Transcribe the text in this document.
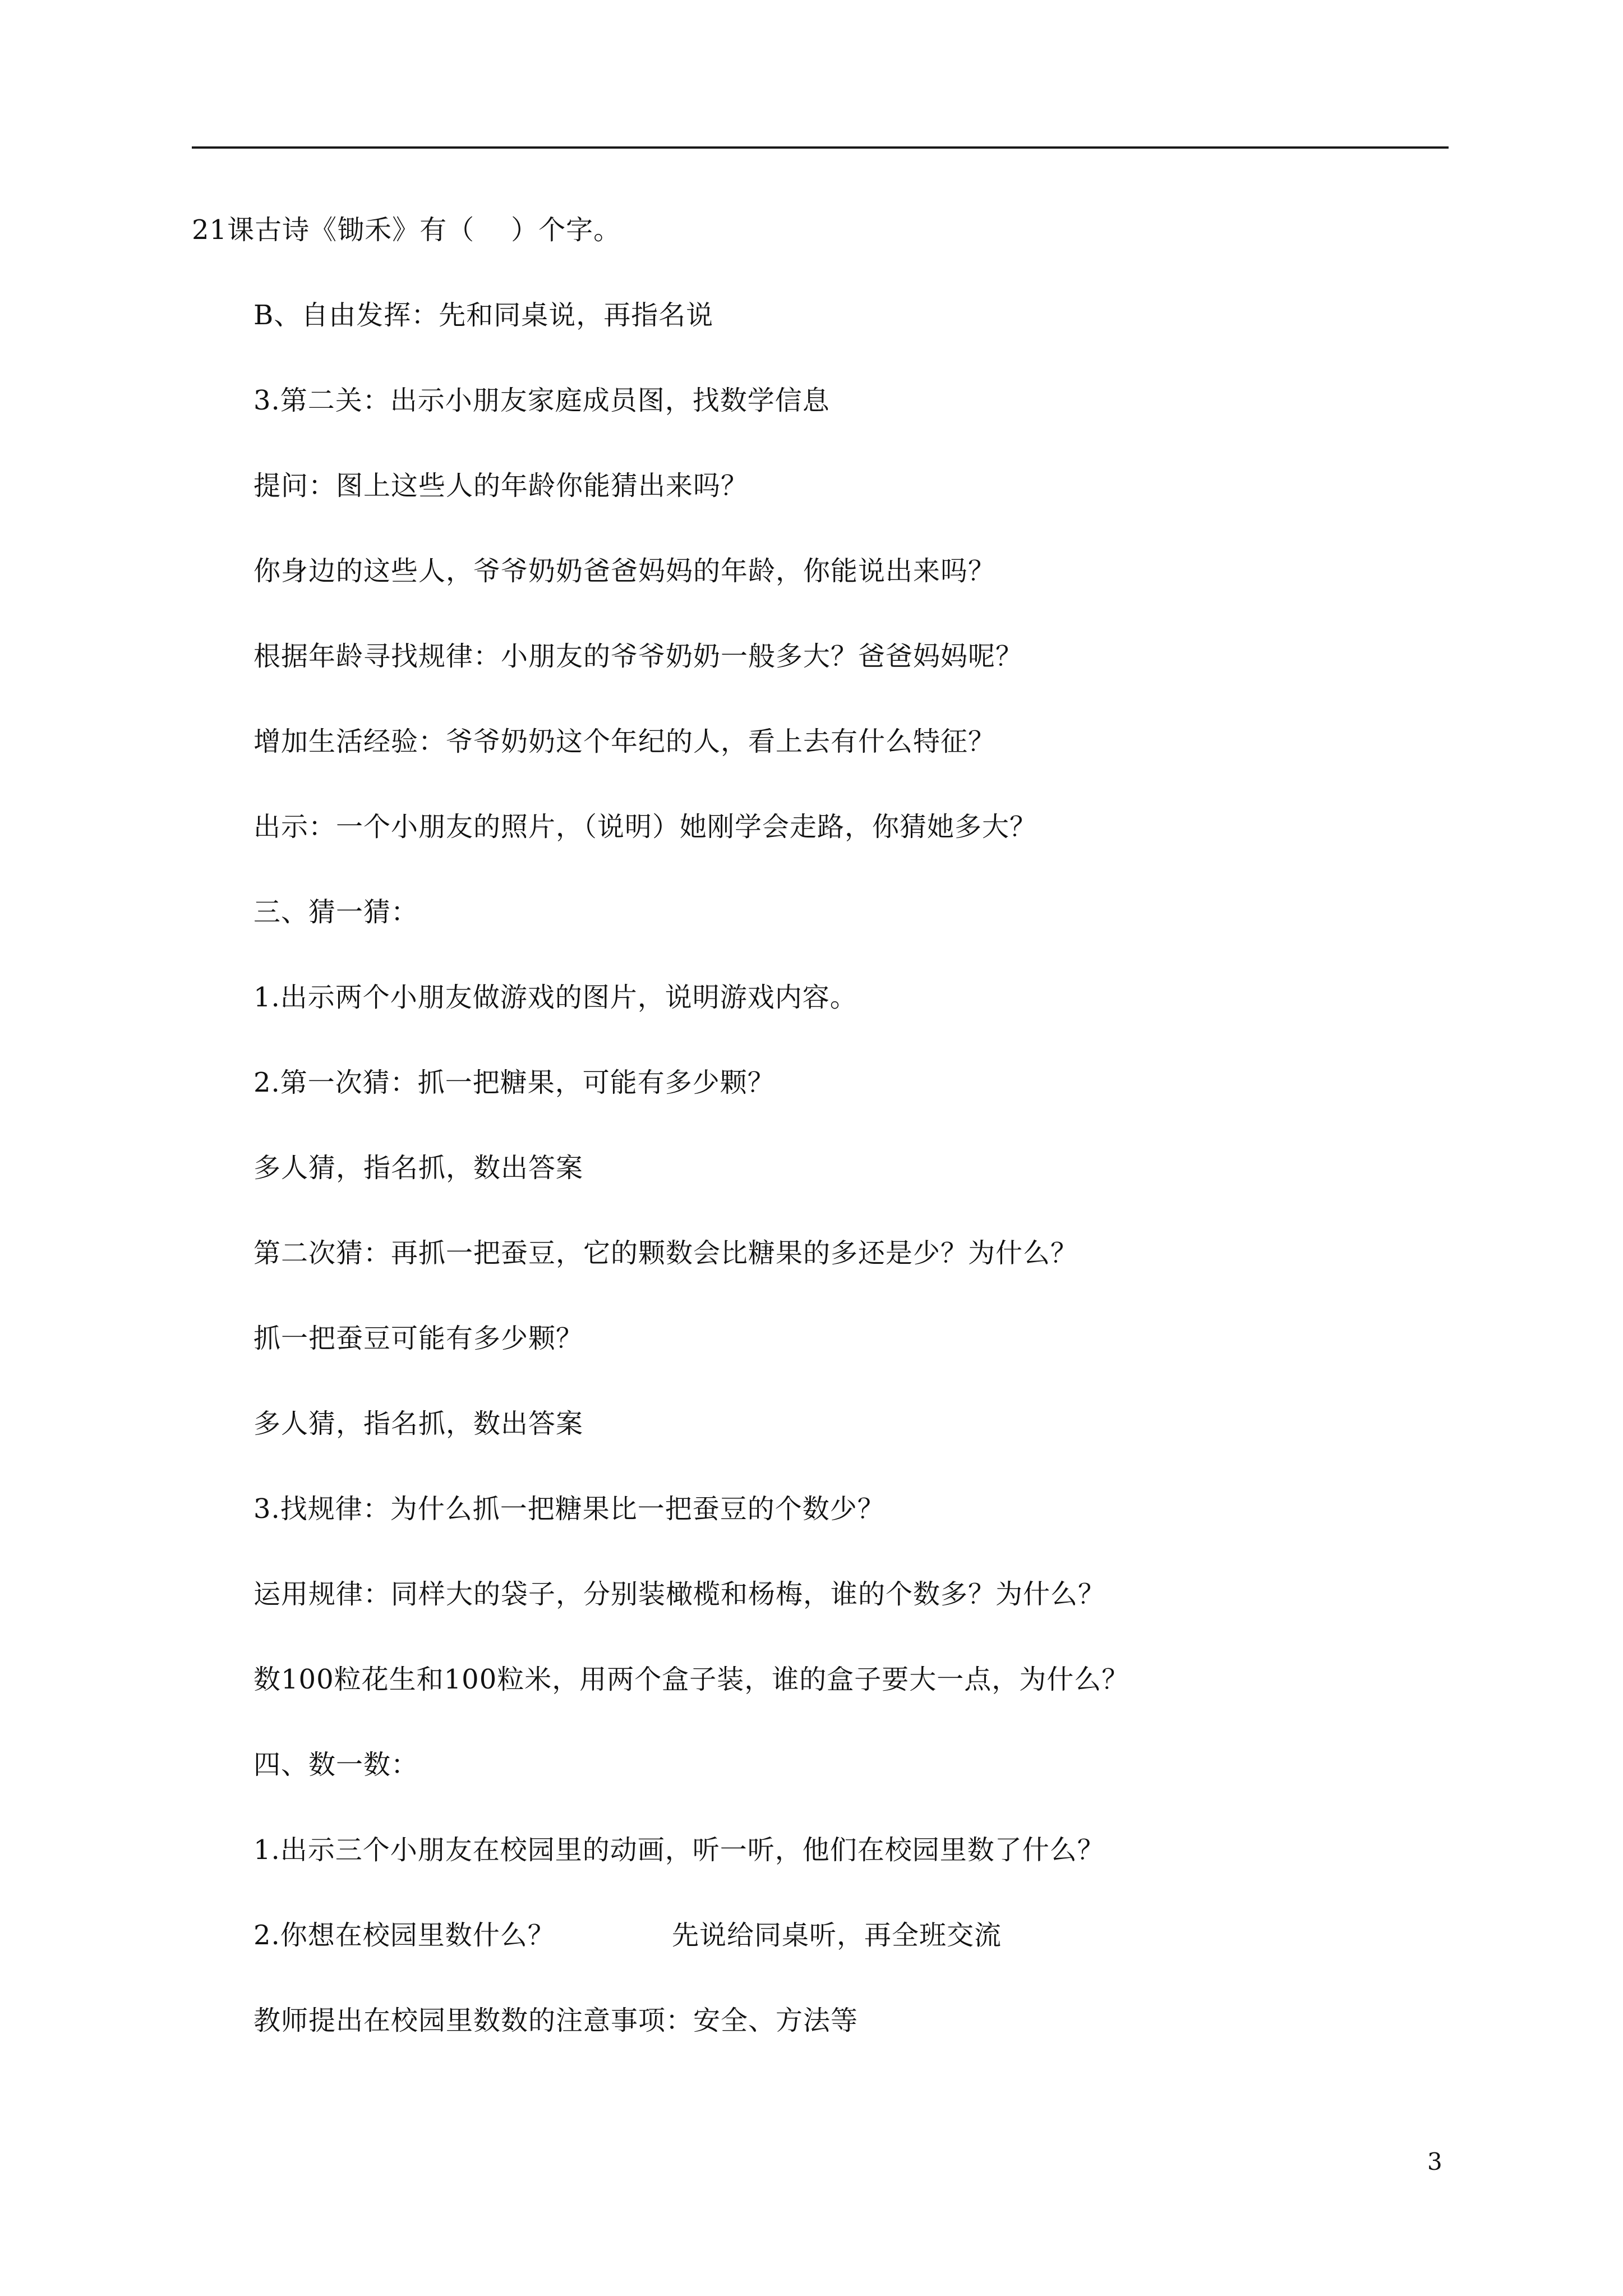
21课古诗《锄禾》有（    ）个字。
B、自由发挥：先和同桌说，再指名说
3.第二关：出示小朋友家庭成员图，找数学信息
提问：图上这些人的年龄你能猜出来吗？
你身边的这些人，爷爷奶奶爸爸妈妈的年龄，你能说出来吗？
根据年龄寻找规律：小朋友的爷爷奶奶一般多大？爸爸妈妈呢？
增加生活经验：爷爷奶奶这个年纪的人，看上去有什么特征？
出示：一个小朋友的照片，（说明）她刚学会走路，你猜她多大？
三、猜一猜：
1.出示两个小朋友做游戏的图片，说明游戏内容。
2.第一次猜：抓一把糖果，可能有多少颗？
多人猜，指名抓，数出答案
第二次猜：再抓一把蚕豆，它的颗数会比糖果的多还是少？为什么？
抓一把蚕豆可能有多少颗？
多人猜，指名抓，数出答案
3.找规律：为什么抓一把糖果比一把蚕豆的个数少？
运用规律：同样大的袋子，分别装橄榄和杨梅，谁的个数多？为什么？
数100粒花生和100粒米，用两个盒子装，谁的盒子要大一点，为什么？
四、数一数：
1.出示三个小朋友在校园里的动画，听一听，他们在校园里数了什么？
2.你想在校园里数什么？	先说给同桌听，再全班交流
教师提出在校园里数数的注意事项：安全、方法等
3
